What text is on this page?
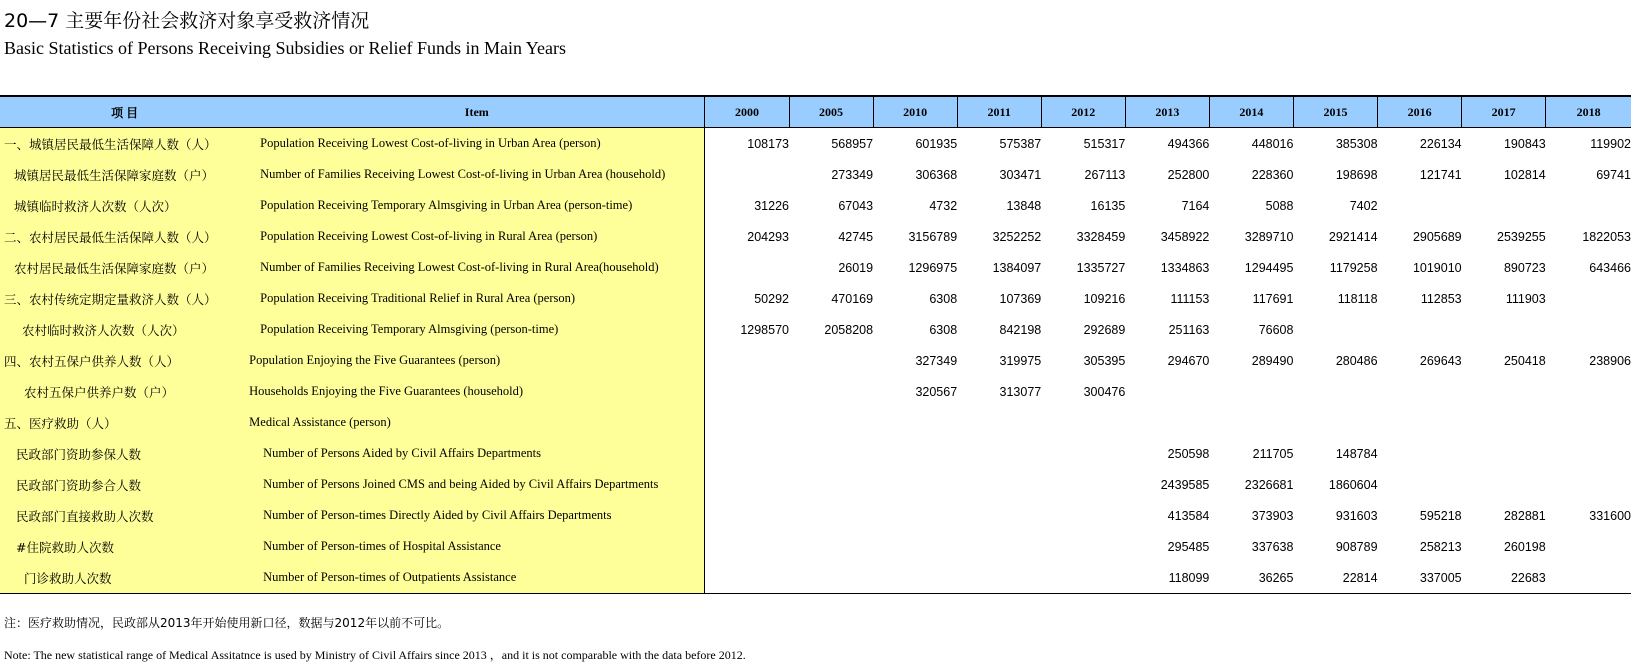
20—7 主要年份社会救济对象享受救济情况
Basic Statistics of Persons Receiving Subsidies or Relief Funds in Main Years
项 目	Item	2000	2005	2010	2011	2012	2013	2014	2015	2016	2017	2018
一、城镇居民最低生活保障人数（人）	Population Receiving Lowest Cost-of-living in Urban Area (person)	108173	568957	601935	575387	515317	494366	448016	385308	226134	190843	119902
城镇居民最低生活保障家庭数（户）	Number of Families Receiving Lowest Cost-of-living in Urban Area (household)		273349	306368	303471	267113	252800	228360	198698	121741	102814	69741
城镇临时救济人次数（人次）	Population Receiving Temporary Almsgiving in Urban Area (person-time)	31226	67043	4732	13848	16135	7164	5088	7402			
二、农村居民最低生活保障人数（人）	Population Receiving Lowest Cost-of-living in Rural Area (person)	204293	42745	3156789	3252252	3328459	3458922	3289710	2921414	2905689	2539255	1822053
农村居民最低生活保障家庭数（户）	Number of Families Receiving Lowest Cost-of-living in Rural Area(household)		26019	1296975	1384097	1335727	1334863	1294495	1179258	1019010	890723	643466
三、农村传统定期定量救济人数（人）	Population Receiving Traditional Relief in Rural Area (person)	50292	470169	6308	107369	109216	111153	117691	118118	112853	111903	
农村临时救济人次数（人次）	Population Receiving Temporary Almsgiving (person-time)	1298570	2058208	6308	842198	292689	251163	76608				
四、农村五保户供养人数（人）	Population Enjoying the Five Guarantees (person)			327349	319975	305395	294670	289490	280486	269643	250418	238906
农村五保户供养户数（户）	Households Enjoying the Five Guarantees (household)			320567	313077	300476						
五、医疗救助（人）	Medical Assistance (person)											
民政部门资助参保人数	Number of Persons Aided by Civil Affairs Departments						250598	211705	148784			
民政部门资助参合人数	Number of Persons Joined CMS and being Aided by Civil Affairs Departments						2439585	2326681	1860604			
民政部门直接救助人次数	Number of Person-times Directly Aided by Civil Affairs Departments						413584	373903	931603	595218	282881	331600
#住院救助人次数	Number of Person-times of Hospital Assistance						295485	337638	908789	258213	260198	
门诊救助人次数	Number of Person-times of Outpatients Assistance						118099	36265	22814	337005	22683	
注：医疗救助情况，民政部从2013年开始使用新口径，数据与2012年以前不可比。
Note: The new statistical range of Medical Assitatnce is used by Ministry of Civil Affairs since 2013 ，and it is not comparable with the data before 2012.
